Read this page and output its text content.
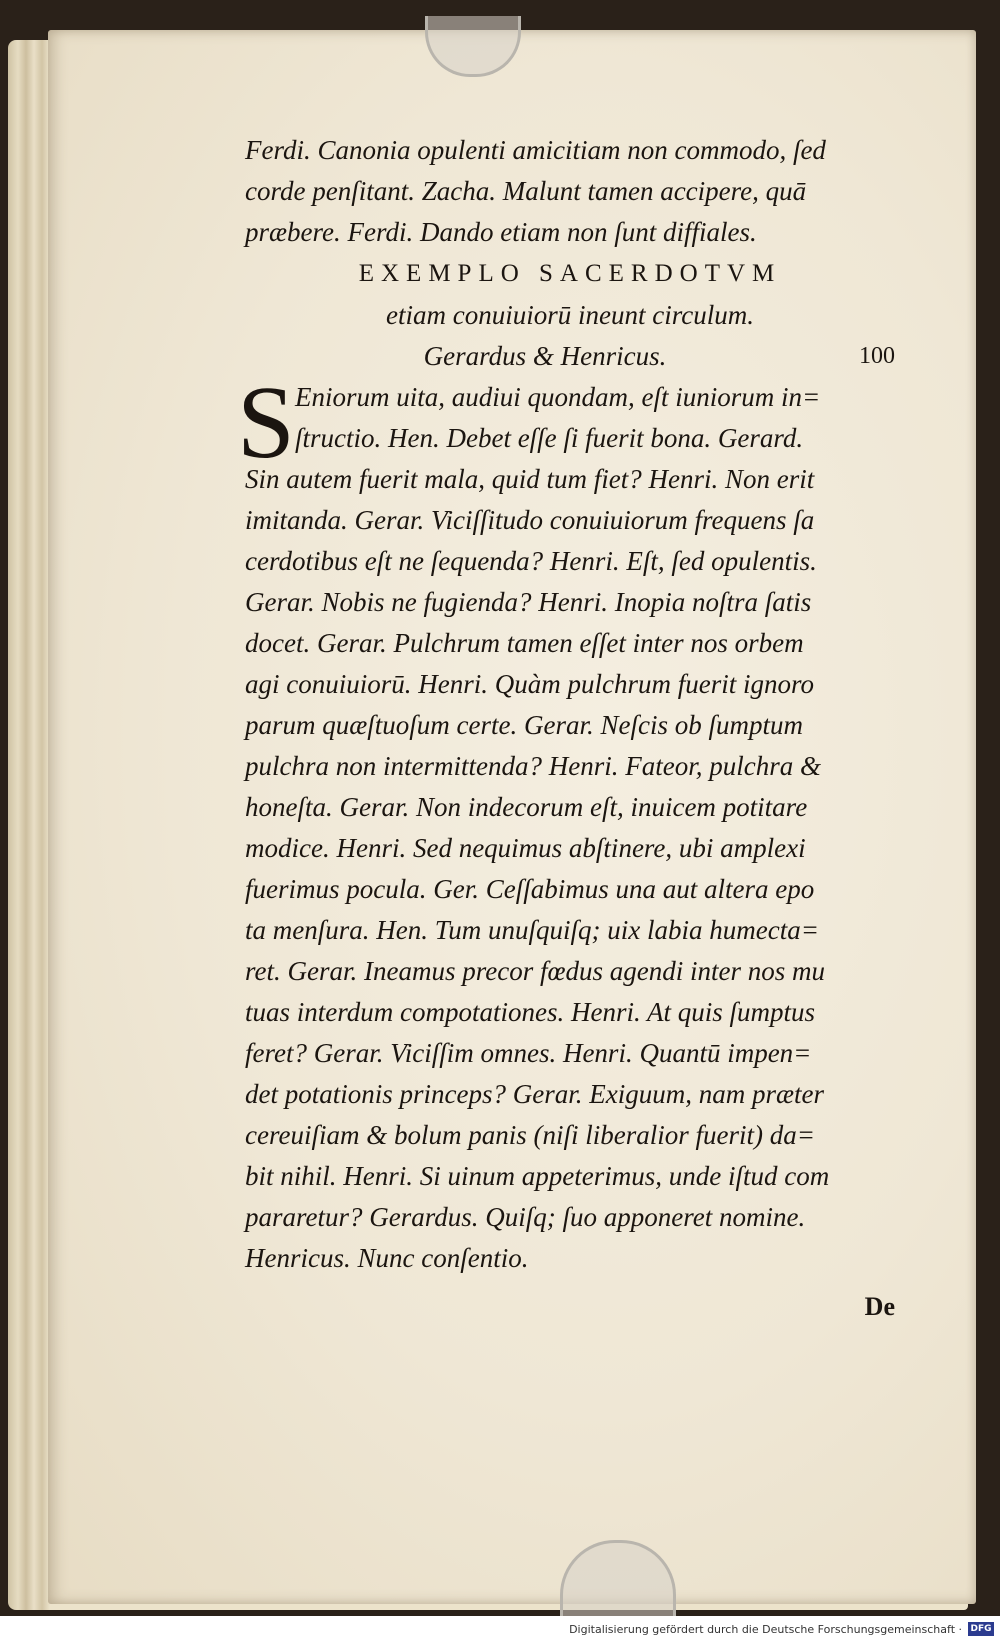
Ferdi. Canonia opulenti amicitiam non commodo, ſed
corde penſitant. Zacha. Malunt tamen accipere, quā
præbere. Ferdi. Dando etiam non ſunt diffiales.
EXEMPLO SACERDOTVM
etiam conuiuiorū ineunt circulum.
Gerardus & Henricus.	100
S Eniorum uita, audiui quondam, eſt iuniorum in=
ſtructio. Hen. Debet eſſe ſi fuerit bona. Gerard.
Sin autem fuerit mala, quid tum fiet? Henri. Non erit
imitanda. Gerar. Viciſſitudo conuiuiorum frequens ſa
cerdotibus eſt ne ſequenda? Henri. Eſt, ſed opulentis.
Gerar. Nobis ne fugienda? Henri. Inopia noſtra ſatis
docet. Gerar. Pulchrum tamen eſſet inter nos orbem
agi conuiuiorū. Henri. Quàm pulchrum fuerit ignoro
parum quæſtuoſum certe. Gerar. Neſcis ob ſumptum
pulchra non intermittenda? Henri. Fateor, pulchra &
honeſta. Gerar. Non indecorum eſt, inuicem potitare
modice. Henri. Sed nequimus abſtinere, ubi amplexi
fuerimus pocula. Ger. Ceſſabimus una aut altera epo
ta menſura. Hen. Tum unuſquiſq; uix labia humecta=
ret. Gerar. Ineamus precor fœdus agendi inter nos mu
tuas interdum compotationes. Henri. At quis ſumptus
feret? Gerar. Viciſſim omnes. Henri. Quantū impen=
det potationis princeps? Gerar. Exiguum, nam præter
cereuiſiam & bolum panis (niſi liberalior fuerit) da=
bit nihil. Henri. Si uinum appeterimus, unde iſtud com
pararetur? Gerardus. Quiſq; ſuo apponeret nomine.
Henricus. Nunc conſentio.
De
Digitalisierung gefördert durch die Deutsche Forschungsgemeinschaft · DFG
